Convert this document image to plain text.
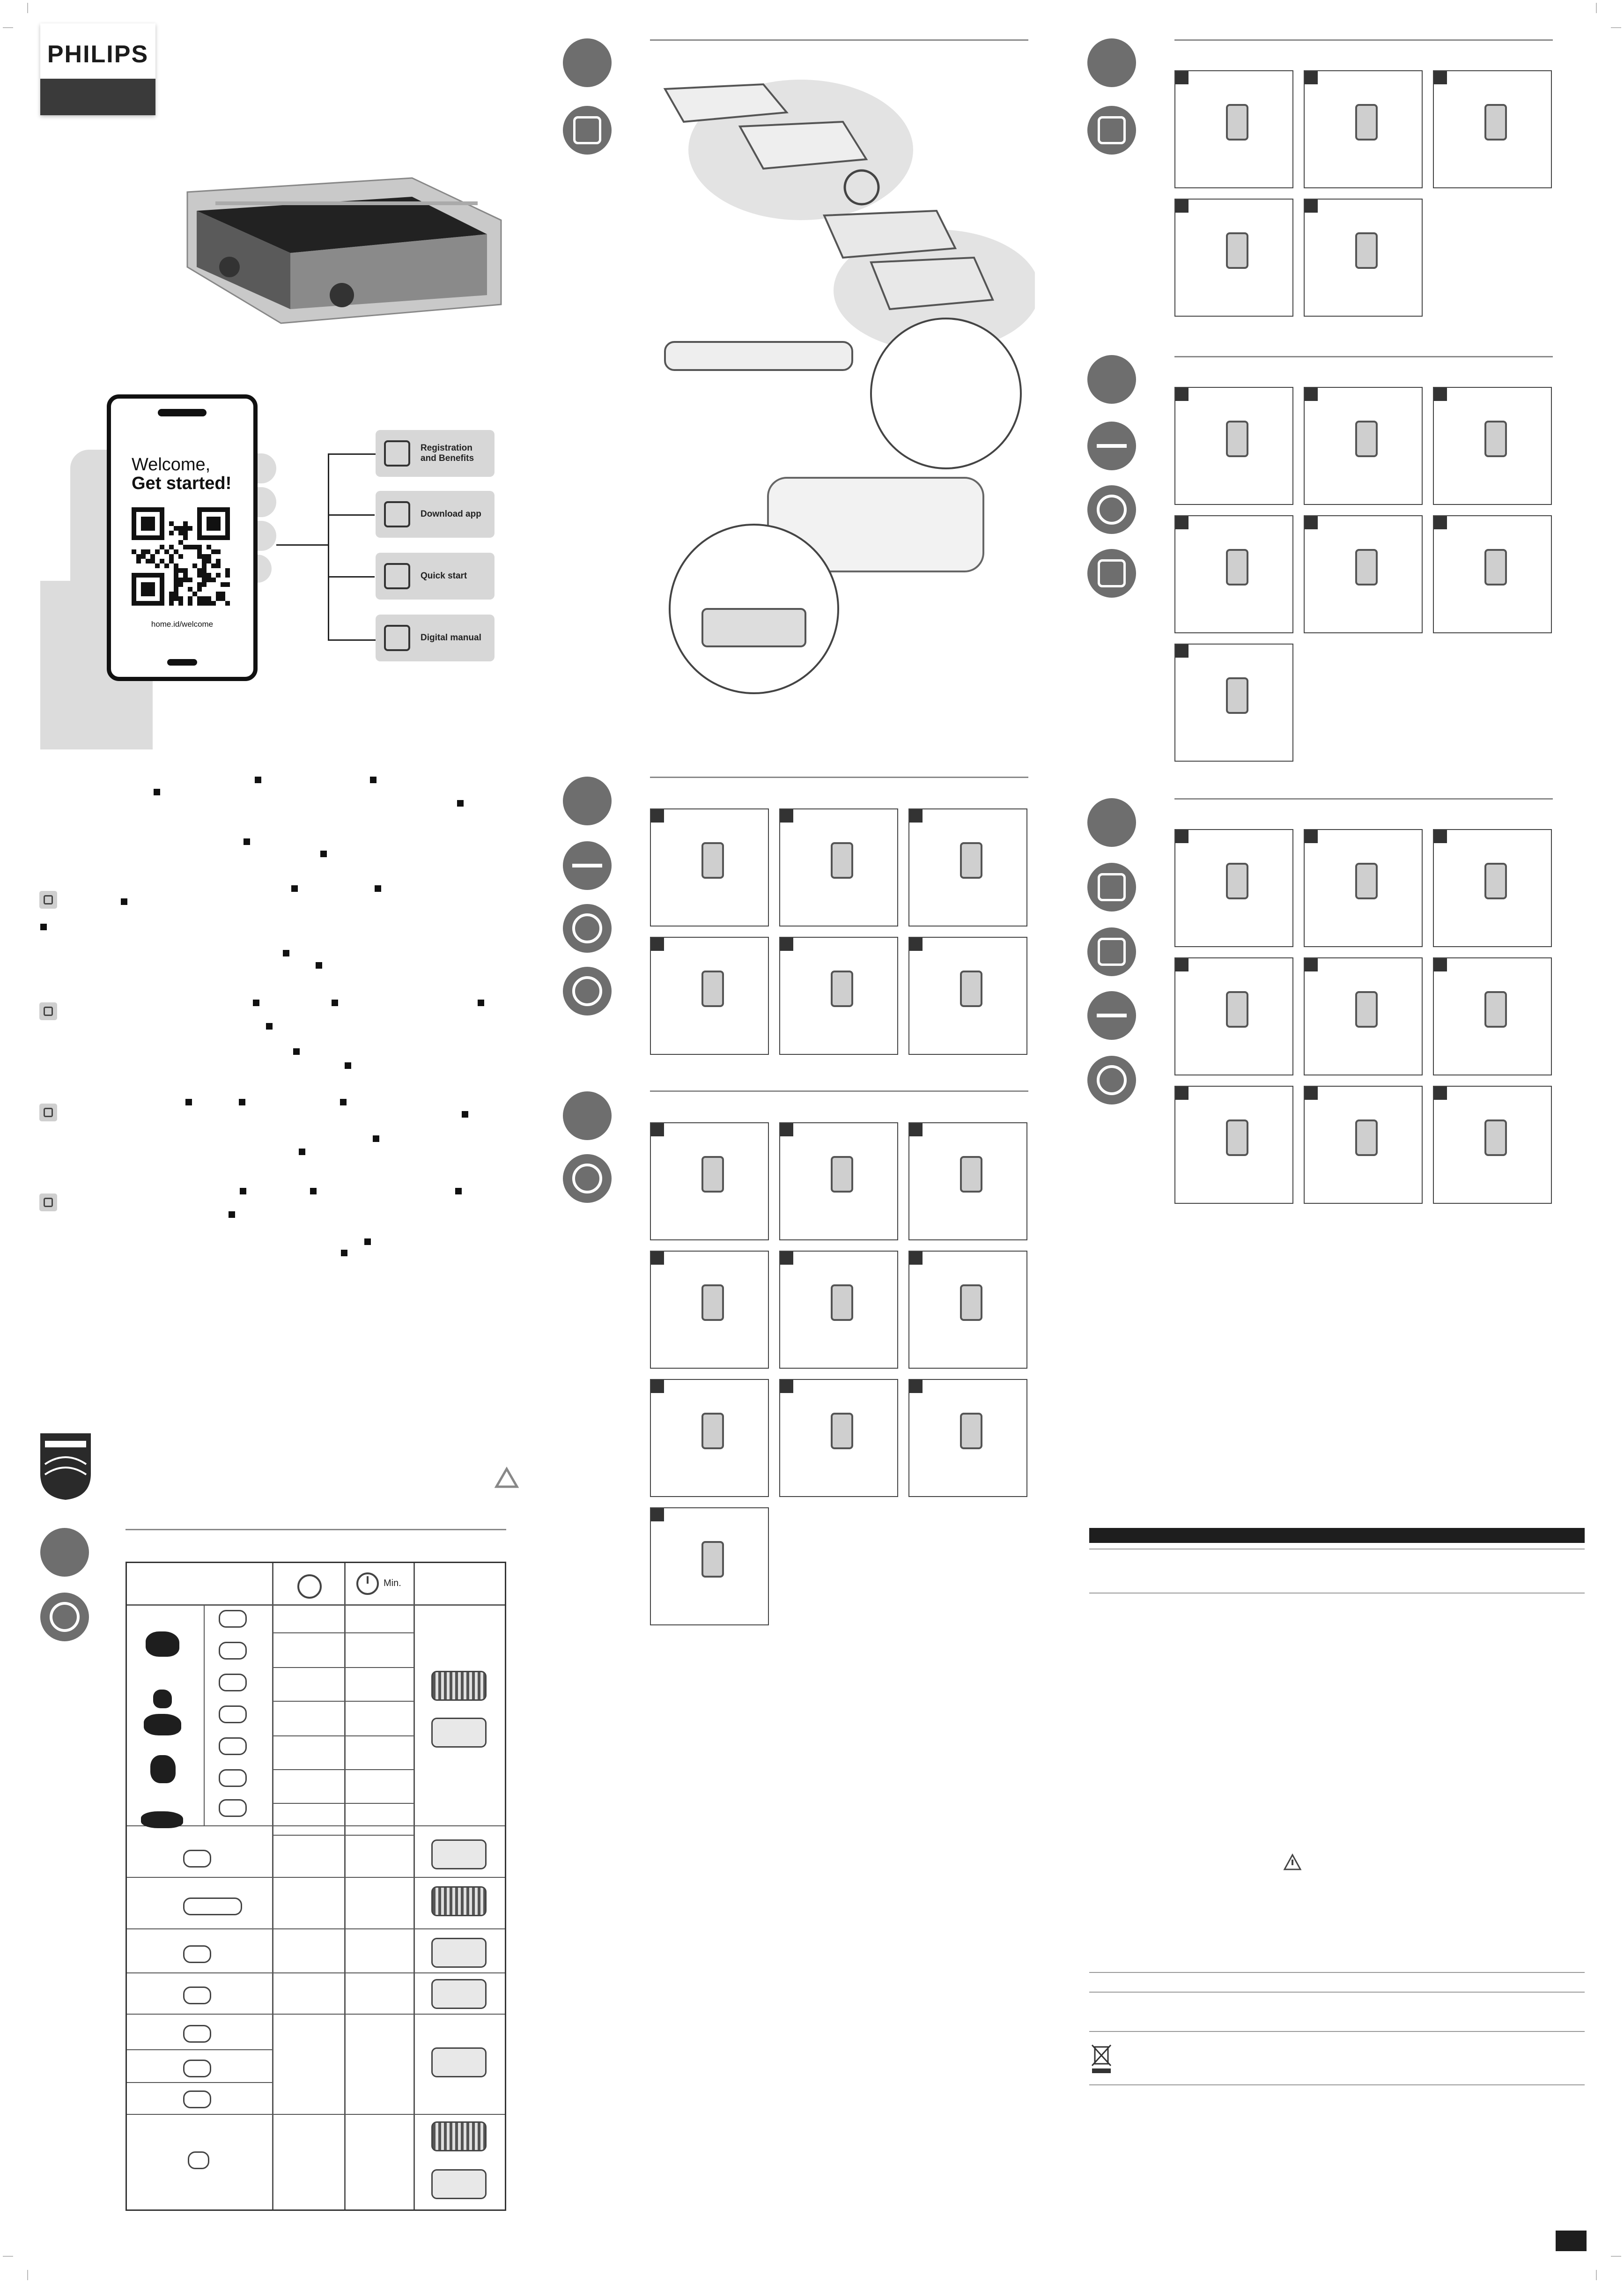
PHILIPS
Welcome,
Get started!
home.id/welcome
Registration and Benefits
Download app
Quick start
Digital manual
Min.
